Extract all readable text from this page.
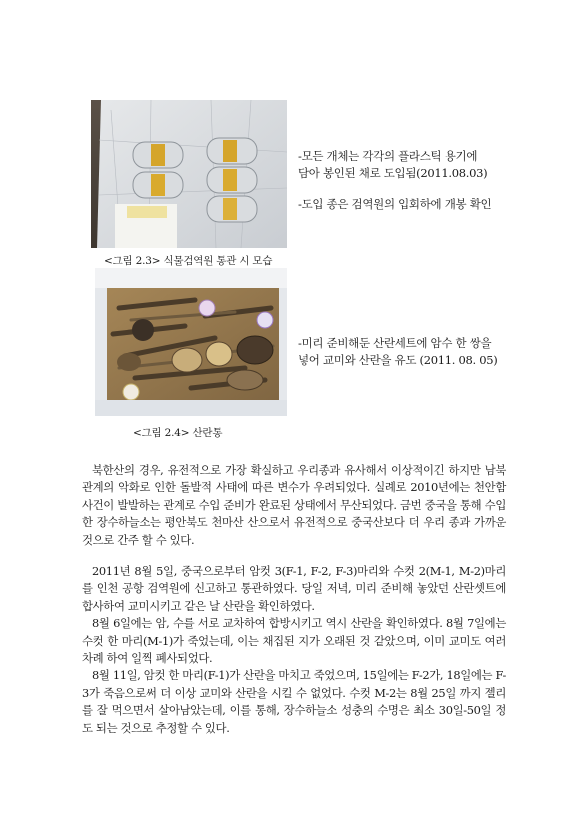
<그림 2.3> 식물검역원 통관 시 모습

-모든 개체는 각각의 플라스틱 용기에

담아 봉인된 채로 도입됨(2011.08.03)

-도입 종은 검역원의 입회하에 개봉 확인

<그림 2.4> 산란통

-미리 준비해둔 산란세트에 암수 한 쌍을

넣어 교미와 산란을 유도 (2011. 08. 05)

북한산의 경우, 유전적으로 가장 확실하고 우리종과 유사해서 이상적이긴 하지만 남북관계의 악화로 인한 돌발적 사태에 따른 변수가 우려되었다. 실례로 2010년에는 천안함 사건이 발발하는 관계로 수입 준비가 완료된 상태에서 무산되었다. 금번 중국을 통해 수입한 장수하늘소는 평안북도 천마산 산으로서 유전적으로 중국산보다 더 우리 종과 가까운 것으로 간주 할 수 있다.

2011년 8월 5일, 중국으로부터 암컷 3(F-1, F-2, F-3)마리와 수컷 2(M-1, M-2)마리를 인천 공항 검역원에 신고하고 통관하였다. 당일 저녁, 미리 준비해 놓았던 산란셋트에 합사하여 교미시키고 같은 날 산란을 확인하였다.

8월 6일에는 암, 수를 서로 교차하여 합방시키고 역시 산란을 확인하였다. 8월 7일에는 수컷 한 마리(M-1)가 죽었는데, 이는 채집된 지가 오래된 것 같았으며, 이미 교미도 여러 차례 하여 일찍 폐사되었다.

8월 11일, 암컷 한 마리(F-1)가 산란을 마치고 죽었으며, 15일에는 F-2가, 18일에는 F-3가 죽음으로써 더 이상 교미와 산란을 시킬 수 없었다. 수컷 M-2는 8월 25일 까지 젤리를 잘 먹으면서 살아남았는데, 이를 통해, 장수하늘소 성충의 수명은 최소 30일-50일 정도 되는 것으로 추정할 수 있다.
